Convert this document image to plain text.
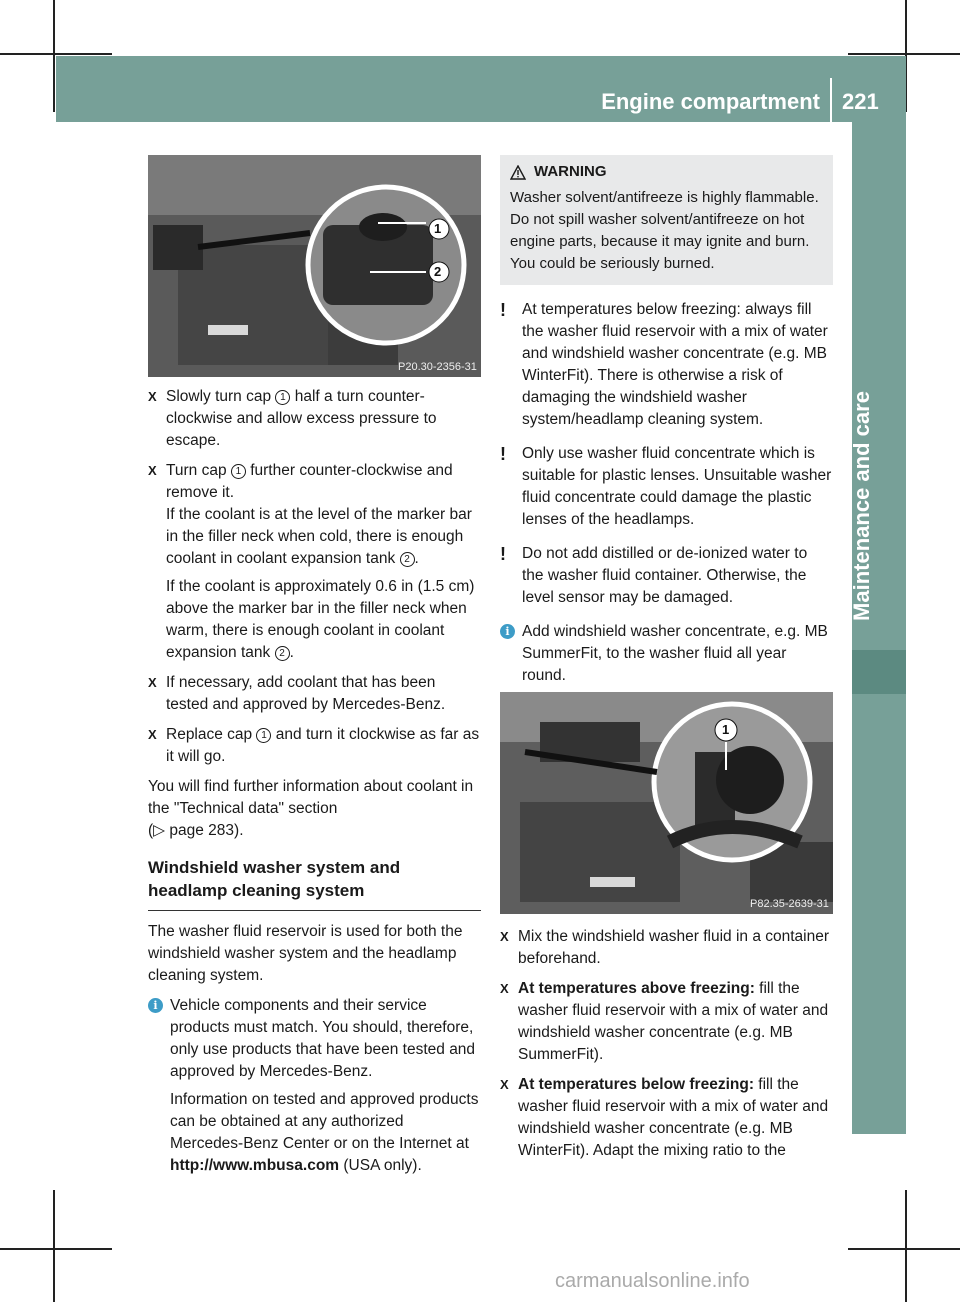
Engine compartment 221
Maintenance and care
1
2
P20.30-2356-31
X Slowly turn cap 1 half a turn counter-clockwise and allow excess pressure to escape.
X Turn cap 1 further counter-clockwise and remove it.
If the coolant is at the level of the marker bar in the filler neck when cold, there is enough coolant in coolant expansion tank 2 .
If the coolant is approximately 0.6 in (1.5 cm) above the marker bar in the filler neck when warm, there is enough coolant in coolant expansion tank 2 .
X If necessary, add coolant that has been tested and approved by Mercedes-Benz.
X Replace cap 1 and turn it clockwise as far as it will go.

You will find further information about coolant in the "Technical data" section
(▷ page 283).

Windshield washer system and headlamp cleaning system

The washer fluid reservoir is used for both the windshield washer system and the headlamp cleaning system.

i Vehicle components and their service products must match. You should, therefore, only use products that have been tested and approved by Mercedes-Benz.
Information on tested and approved products can be obtained at any authorized Mercedes-Benz Center or on the Internet at http://www.mbusa.com (USA only).
WARNING
Washer solvent/antifreeze is highly flammable. Do not spill washer solvent/antifreeze on hot engine parts, because it may ignite and burn. You could be seriously burned.
! At temperatures below freezing: always fill the washer fluid reservoir with a mix of water and windshield washer concentrate (e.g. MB WinterFit). There is otherwise a risk of damaging the windshield washer system/headlamp cleaning system.
! Only use washer fluid concentrate which is suitable for plastic lenses. Unsuitable washer fluid concentrate could damage the plastic lenses of the headlamps.
! Do not add distilled or de-ionized water to the washer fluid container. Otherwise, the level sensor may be damaged.
i Add windshield washer concentrate, e.g. MB SummerFit, to the washer fluid all year round.
1
P82.35-2639-31
X Mix the windshield washer fluid in a container beforehand.
X At temperatures above freezing: fill the washer fluid reservoir with a mix of water and windshield washer concentrate (e.g. MB SummerFit).
X At temperatures below freezing: fill the washer fluid reservoir with a mix of water and windshield washer concentrate (e.g. MB WinterFit). Adapt the mixing ratio to the
carmanualsonline.info
